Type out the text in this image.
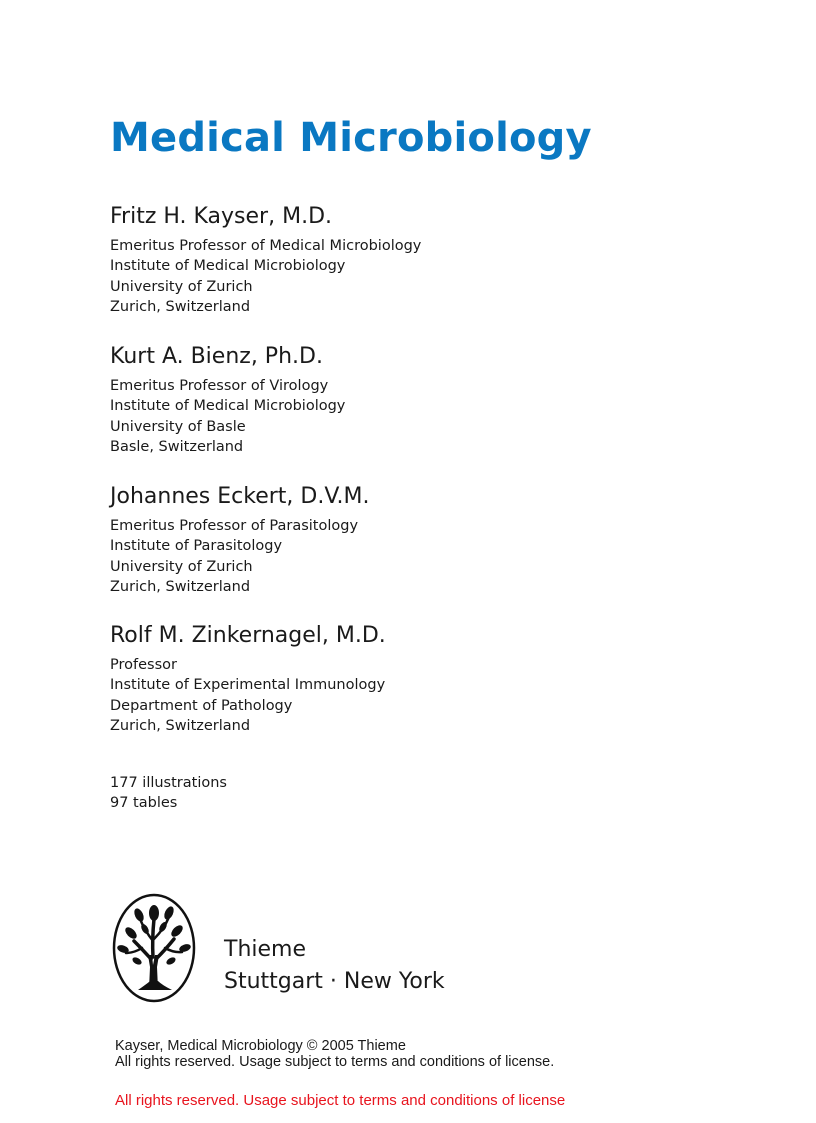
Medical Microbiology
Fritz H. Kayser, M.D.
Emeritus Professor of Medical Microbiology
Institute of Medical Microbiology
University of Zurich
Zurich, Switzerland
Kurt A. Bienz, Ph.D.
Emeritus Professor of Virology
Institute of Medical Microbiology
University of Basle
Basle, Switzerland
Johannes Eckert, D.V.M.
Emeritus Professor of Parasitology
Institute of Parasitology
University of Zurich
Zurich, Switzerland
Rolf M. Zinkernagel, M.D.
Professor
Institute of Experimental Immunology
Department of Pathology
Zurich, Switzerland
177 illustrations
97 tables
Thieme
Stuttgart · New York
Kayser, Medical Microbiology © 2005 Thieme
All rights reserved. Usage subject to terms and conditions of license.
All rights reserved. Usage subject to terms and conditions of license
